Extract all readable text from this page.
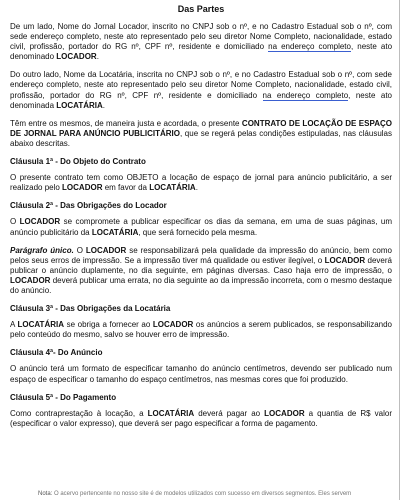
Das Partes

De um lado, Nome do Jornal Locador, inscrito no CNPJ sob o nº, e no Cadastro Estadual sob o nº, com sede endereço completo, neste ato representado pelo seu diretor Nome Completo, nacionalidade, estado civil, profissão, portador do RG nº, CPF nº, residente e domiciliado na endereço completo, neste ato denominado LOCADOR.

Do outro lado, Nome da Locatária, inscrita no CNPJ sob o nº, e no Cadastro Estadual sob o nº, com sede endereço completo, neste ato representado pelo seu diretor Nome Completo, nacionalidade, estado civil, profissão, portador do RG nº, CPF nº, residente e domiciliado na endereço completo, neste ato denominada LOCATÁRIA.

Têm entre os mesmos, de maneira justa e acordada, o presente CONTRATO DE LOCAÇÃO DE ESPAÇO DE JORNAL PARA ANÚNCIO PUBLICITÁRIO, que se regerá pelas condições estipuladas, nas cláusulas abaixo descritas.

Cláusula 1ª - Do Objeto do Contrato

O presente contrato tem como OBJETO a locação de espaço de jornal para anúncio publicitário, a ser realizado pelo LOCADOR em favor da LOCATÁRIA.

Cláusula 2ª - Das Obrigações do Locador

O LOCADOR se compromete a publicar especificar os dias da semana, em uma de suas páginas, um anúncio publicitário da LOCATÁRIA, que será fornecido pela mesma.

Parágrafo único. O LOCADOR se responsabilizará pela qualidade da impressão do anúncio, bem como pelos seus erros de impressão. Se a impressão tiver má qualidade ou estiver ilegível, o LOCADOR deverá publicar o anúncio duplamente, no dia seguinte, em páginas diversas. Caso haja erro de impressão, o LOCADOR deverá publicar uma errata, no dia seguinte ao da impressão incorreta, com o mesmo destaque do anúncio.

Cláusula 3ª - Das Obrigações da Locatária

A LOCATÁRIA se obriga a fornecer ao LOCADOR os anúncios a serem publicados, se responsabilizando pelo conteúdo do mesmo, salvo se houver erro de impressão.

Cláusula 4ª- Do Anúncio

O anúncio terá um formato de especificar tamanho do anúncio centímetros, devendo ser publicado num espaço de especificar o tamanho do espaço centímetros, nas mesmas cores que foi produzido.

Cláusula 5ª - Do Pagamento

Como contraprestação à locação, a LOCATÁRIA deverá pagar ao LOCADOR a quantia de R$ valor (especificar o valor expresso), que deverá ser pago especificar a forma de pagamento.

Nota: O acervo pertencente no nosso site é de modelos utilizados com sucesso em diversos segmentos. Eles servem
